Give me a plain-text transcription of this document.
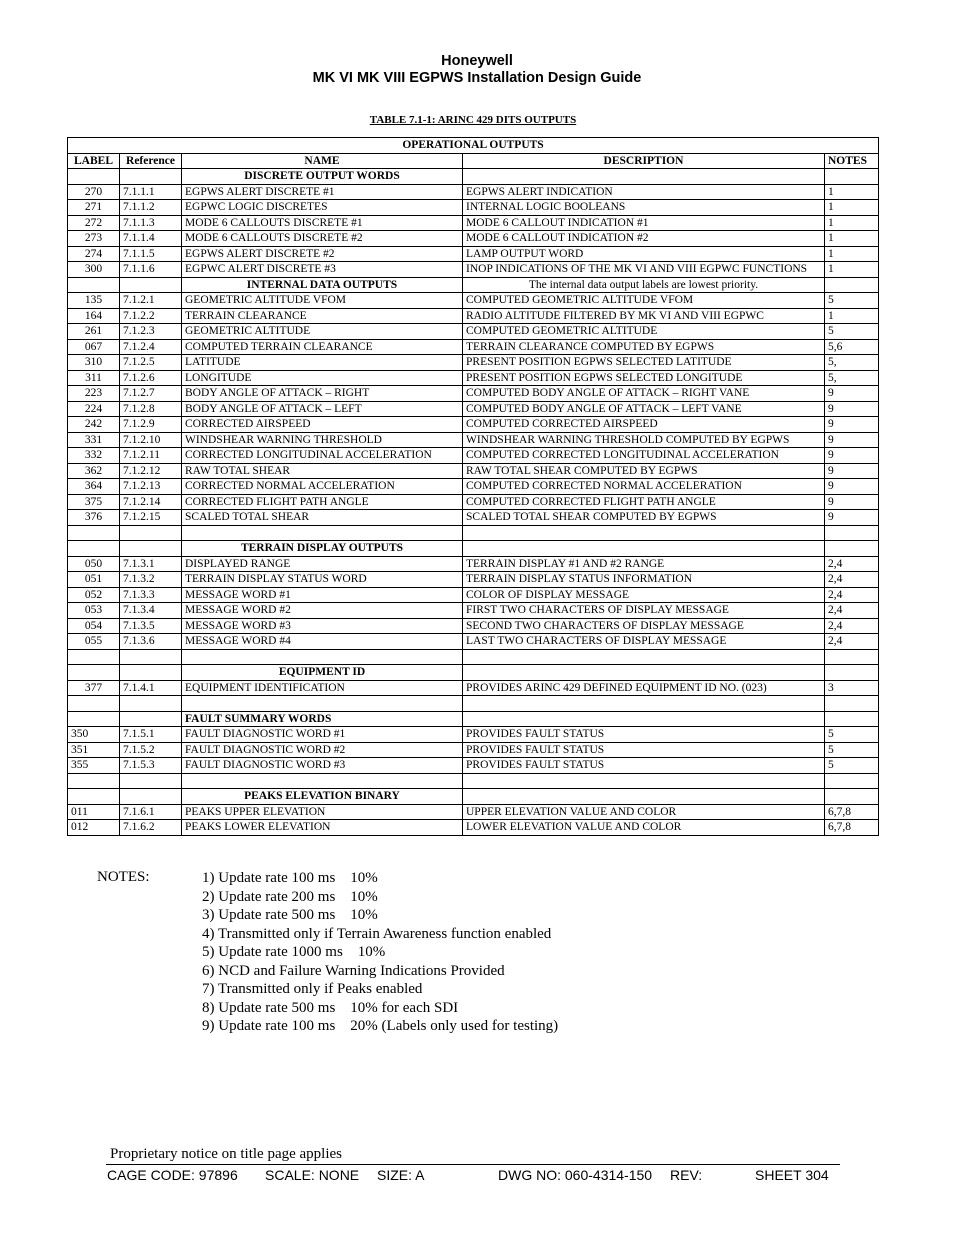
Honeywell
MK VI MK VIII EGPWS Installation Design Guide
TABLE 7.1-1: ARINC 429 DITS OUTPUTS
OPERATIONAL OUTPUTS				
LABEL	Reference	NAME	DESCRIPTION	NOTES
		DISCRETE OUTPUT WORDS		
270	7.1.1.1	EGPWS ALERT DISCRETE #1	EGPWS ALERT INDICATION	1
271	7.1.1.2	EGPWC LOGIC DISCRETES	INTERNAL LOGIC BOOLEANS	1
272	7.1.1.3	MODE 6 CALLOUTS DISCRETE #1	MODE 6 CALLOUT INDICATION #1	1
273	7.1.1.4	MODE 6 CALLOUTS DISCRETE #2	MODE 6 CALLOUT INDICATION #2	1
274	7.1.1.5	EGPWS ALERT DISCRETE #2	LAMP OUTPUT WORD	1
300	7.1.1.6	EGPWC ALERT DISCRETE #3	INOP INDICATIONS OF THE MK VI AND VIII EGPWC FUNCTIONS	1
		INTERNAL DATA OUTPUTS	The internal data output labels are lowest priority.	
135	7.1.2.1	GEOMETRIC ALTITUDE VFOM	COMPUTED GEOMETRIC ALTITUDE VFOM	5
164	7.1.2.2	TERRAIN CLEARANCE	RADIO ALTITUDE FILTERED BY MK VI AND VIII EGPWC	1
261	7.1.2.3	GEOMETRIC ALTITUDE	COMPUTED GEOMETRIC ALTITUDE	5
067	7.1.2.4	COMPUTED TERRAIN CLEARANCE	TERRAIN CLEARANCE COMPUTED BY EGPWS	5,6
310	7.1.2.5	LATITUDE	PRESENT POSITION EGPWS SELECTED LATITUDE	5,
311	7.1.2.6	LONGITUDE	PRESENT POSITION EGPWS SELECTED LONGITUDE	5,
223	7.1.2.7	BODY ANGLE OF ATTACK – RIGHT	COMPUTED BODY ANGLE OF ATTACK – RIGHT VANE	9
224	7.1.2.8	BODY ANGLE OF ATTACK – LEFT	COMPUTED BODY ANGLE OF ATTACK – LEFT VANE	9
242	7.1.2.9	CORRECTED AIRSPEED	COMPUTED CORRECTED AIRSPEED	9
331	7.1.2.10	WINDSHEAR WARNING THRESHOLD	WINDSHEAR WARNING THRESHOLD COMPUTED BY EGPWS	9
332	7.1.2.11	CORRECTED LONGITUDINAL ACCELERATION	COMPUTED CORRECTED LONGITUDINAL ACCELERATION	9
362	7.1.2.12	RAW TOTAL SHEAR	RAW TOTAL SHEAR COMPUTED BY EGPWS	9
364	7.1.2.13	CORRECTED NORMAL ACCELERATION	COMPUTED CORRECTED NORMAL ACCELERATION	9
375	7.1.2.14	CORRECTED FLIGHT PATH ANGLE	COMPUTED CORRECTED FLIGHT PATH ANGLE	9
376	7.1.2.15	SCALED TOTAL SHEAR	SCALED TOTAL SHEAR COMPUTED BY EGPWS	9

		TERRAIN DISPLAY OUTPUTS		
050	7.1.3.1	DISPLAYED RANGE	TERRAIN DISPLAY #1 AND #2 RANGE	2,4
051	7.1.3.2	TERRAIN DISPLAY STATUS WORD	TERRAIN DISPLAY STATUS INFORMATION	2,4
052	7.1.3.3	MESSAGE WORD #1	COLOR OF DISPLAY MESSAGE	2,4
053	7.1.3.4	MESSAGE WORD #2	FIRST TWO CHARACTERS OF DISPLAY MESSAGE	2,4
054	7.1.3.5	MESSAGE WORD #3	SECOND TWO CHARACTERS OF DISPLAY MESSAGE	2,4
055	7.1.3.6	MESSAGE WORD #4	LAST TWO CHARACTERS OF DISPLAY MESSAGE	2,4

		EQUIPMENT ID		
377	7.1.4.1	EQUIPMENT IDENTIFICATION	PROVIDES ARINC 429 DEFINED EQUIPMENT ID NO. (023)	3

		FAULT SUMMARY WORDS		
350	7.1.5.1	FAULT DIAGNOSTIC WORD #1	PROVIDES FAULT STATUS	5
351	7.1.5.2	FAULT DIAGNOSTIC WORD #2	PROVIDES FAULT STATUS	5
355	7.1.5.3	FAULT DIAGNOSTIC WORD #3	PROVIDES FAULT STATUS	5

		PEAKS ELEVATION BINARY		
011	7.1.6.1	PEAKS UPPER ELEVATION	UPPER ELEVATION VALUE AND COLOR	6,7,8
012	7.1.6.2	PEAKS LOWER ELEVATION	LOWER ELEVATION VALUE AND COLOR	6,7,8
NOTES:	1) Update rate 100 ms    10%
2) Update rate 200 ms    10%
3) Update rate 500 ms    10%
4) Transmitted only if Terrain Awareness function enabled
5) Update rate 1000 ms    10%
6) NCD and Failure Warning Indications Provided
7) Transmitted only if Peaks enabled
8) Update rate 500 ms    10% for each SDI
9) Update rate 100 ms    20% (Labels only used for testing)
Proprietary notice on title page applies
CAGE CODE: 97896 SCALE: NONE SIZE: A	DWG NO: 060-4314-150 REV:	SHEET 304
